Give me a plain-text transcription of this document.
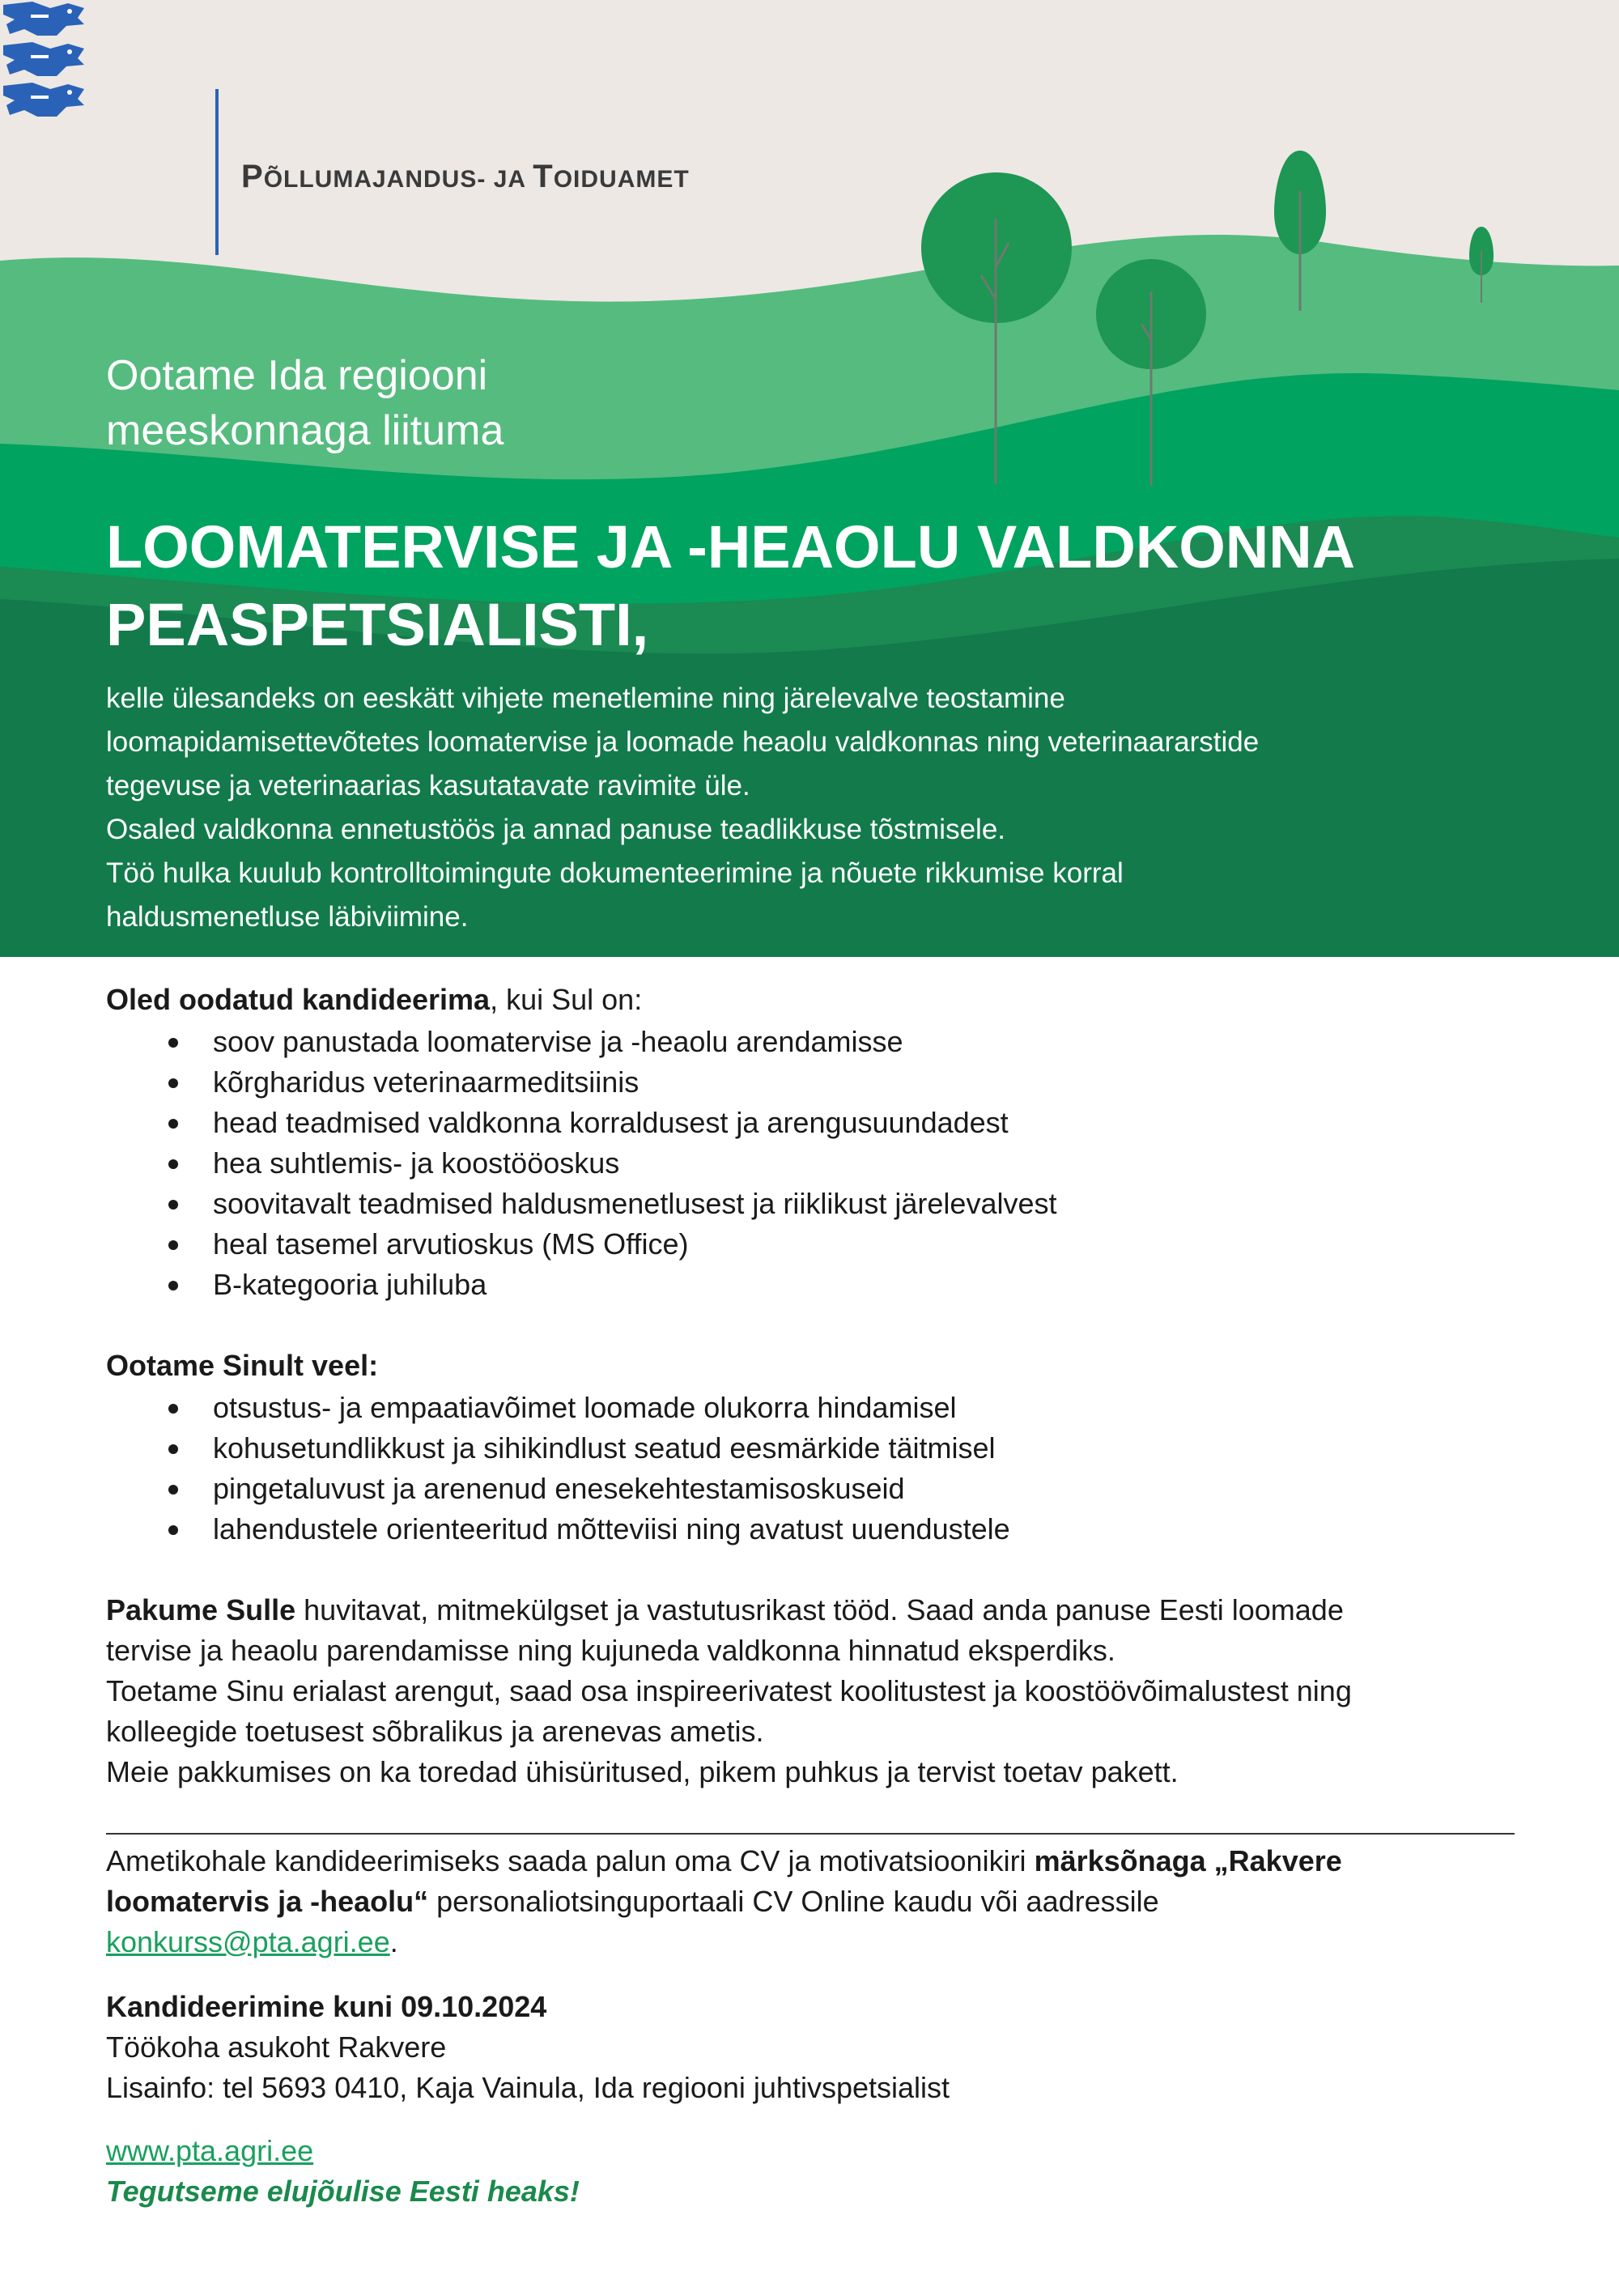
PÕLLUMAJANDUS- JA TOIDUAMET
Ootame Ida regiooni
meeskonnaga liituma
LOOMATERVISE JA -HEAOLU VALDKONNA
PEASPETSIALISTI,

kelle ülesandeks on eeskätt vihjete menetlemine ning järelevalve teostamine

loomapidamisettevõtetes loomatervise ja loomade heaolu valdkonnas ning veterinaararstide

tegevuse ja veterinaarias kasutatavate ravimite üle.

Osaled valdkonna ennetustöös ja annad panuse teadlikkuse tõstmisele.

Töö hulka kuulub kontrolltoimingute dokumenteerimine ja nõuete rikkumise korral

haldusmenetluse läbiviimine.

Oled oodatud kandideerima, kui Sul on:

soov panustada loomatervise ja -heaolu arendamisse
kõrgharidus veterinaarmeditsiinis
head teadmised valdkonna korraldusest ja arengusuundadest
hea suhtlemis- ja koostööoskus
soovitavalt teadmised haldusmenetlusest ja riiklikust järelevalvest
heal tasemel arvutioskus (MS Office)
B-kategooria juhiluba

Ootame Sinult veel:

otsustus- ja empaatiavõimet loomade olukorra hindamisel
kohusetundlikkust ja sihikindlust seatud eesmärkide täitmisel
pingetaluvust ja arenenud enesekehtestamisoskuseid
lahendustele orienteeritud mõtteviisi ning avatust uuendustele

Pakume Sulle huvitavat, mitmekülgset ja vastutusrikast tööd. Saad anda panuse Eesti loomade

tervise ja heaolu parendamisse ning kujuneda valdkonna hinnatud eksperdiks.

Toetame Sinu erialast arengut, saad osa inspireerivatest koolitustest ja koostöövõimalustest ning

kolleegide toetusest sõbralikus ja arenevas ametis.

Meie pakkumises on ka toredad ühisüritused, pikem puhkus ja tervist toetav pakett.

Ametikohale kandideerimiseks saada palun oma CV ja motivatsioonikiri märksõnaga „Rakvere

loomatervis ja -heaolu“ personaliotsinguportaali CV Online kaudu või aadressile

konkurss@pta.agri.ee.

Kandideerimine kuni 09.10.2024

Töökoha asukoht Rakvere

Lisainfo: tel 5693 0410, Kaja Vainula, Ida regiooni juhtivspetsialist

www.pta.agri.ee

Tegutseme elujõulise Eesti heaks!
